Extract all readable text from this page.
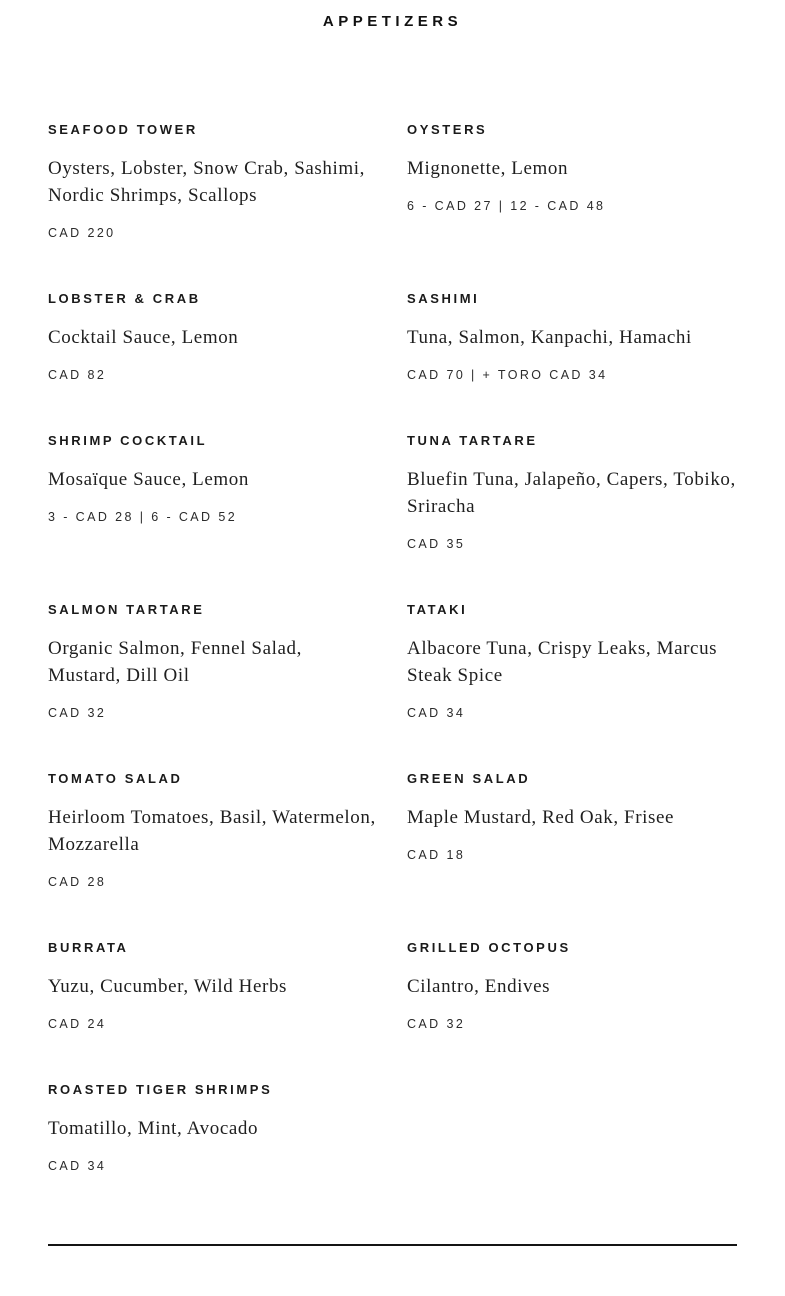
APPETIZERS
SEAFOOD TOWER

Oysters, Lobster, Snow Crab, Sashimi, Nordic Shrimps, Scallops

CAD 220
OYSTERS

Mignonette, Lemon

6 - CAD 27 | 12 - CAD 48
LOBSTER & CRAB

Cocktail Sauce, Lemon

CAD 82
SASHIMI

Tuna, Salmon, Kanpachi, Hamachi

CAD 70 | + TORO CAD 34
SHRIMP COCKTAIL

Mosaïque Sauce, Lemon

3 - CAD 28 | 6 - CAD 52
TUNA TARTARE

Bluefin Tuna, Jalapeño, Capers, Tobiko, Sriracha

CAD 35
SALMON TARTARE

Organic Salmon, Fennel Salad, Mustard, Dill Oil

CAD 32
TATAKI

Albacore Tuna, Crispy Leaks, Marcus Steak Spice

CAD 34
TOMATO SALAD

Heirloom Tomatoes, Basil, Watermelon, Mozzarella

CAD 28
GREEN SALAD

Maple Mustard, Red Oak, Frisee

CAD 18
BURRATA

Yuzu, Cucumber, Wild Herbs

CAD 24
GRILLED OCTOPUS

Cilantro, Endives

CAD 32
ROASTED TIGER SHRIMPS

Tomatillo, Mint, Avocado

CAD 34
